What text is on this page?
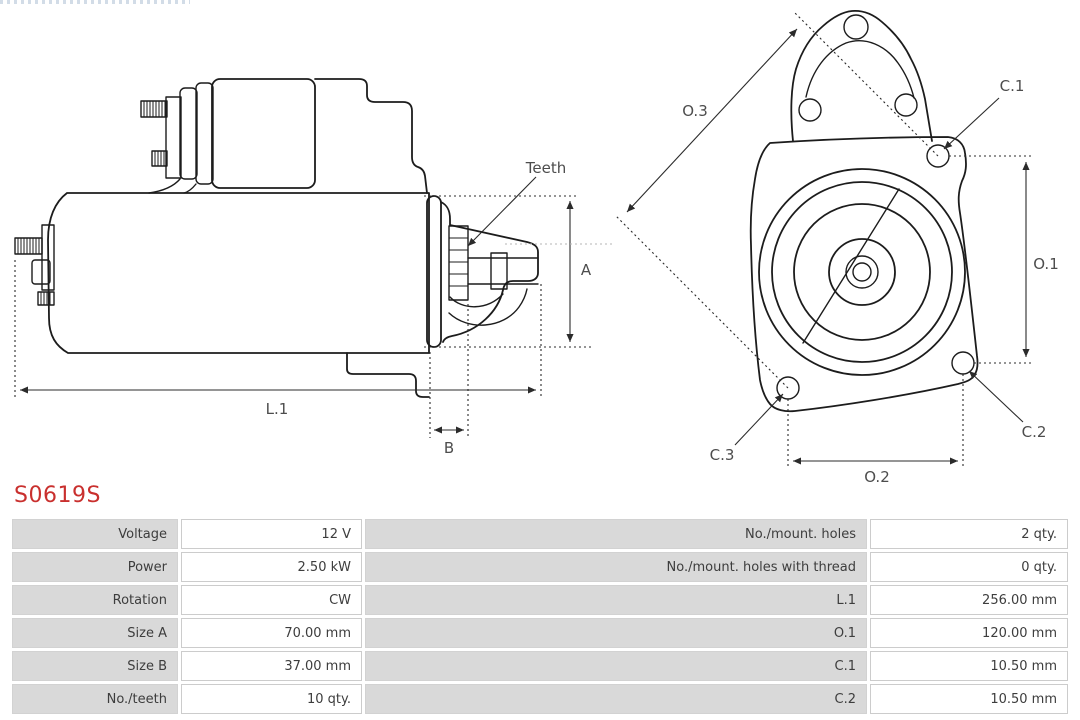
Teeth
A
L.1
B
O.3
O.1
O.2
C.1
C.2
C.3
S0619S
Voltage	12 V	No./mount. holes	2 qty.
Power	2.50 kW	No./mount. holes with thread	0 qty.
Rotation	CW	L.1	256.00 mm
Size A	70.00 mm	O.1	120.00 mm
Size B	37.00 mm	C.1	10.50 mm
No./teeth	10 qty.	C.2	10.50 mm
